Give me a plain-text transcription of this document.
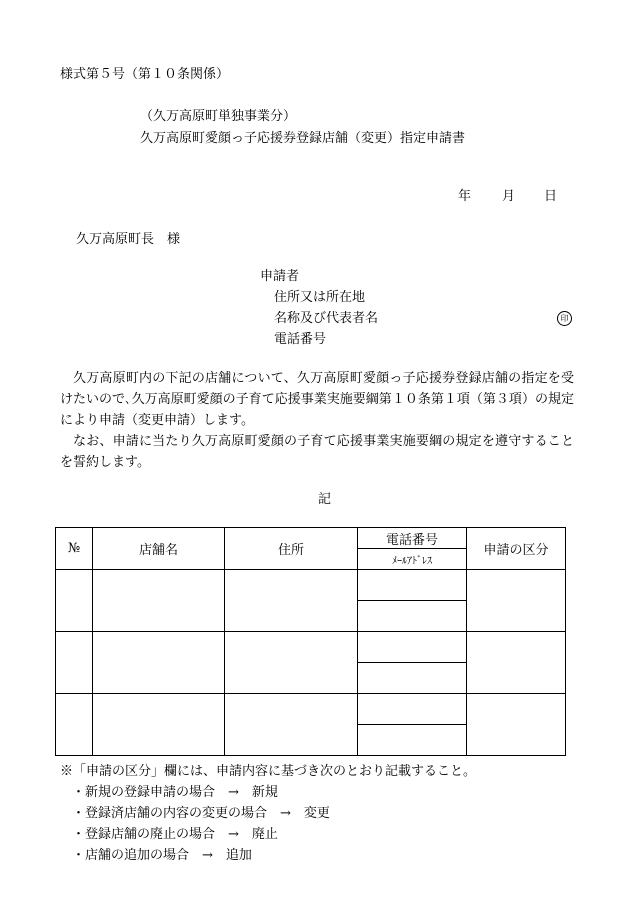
様式第５号（第１０条関係）
（久万高原町単独事業分）
久万高原町愛顔っ子応援券登録店舗（変更）指定申請書
年 月 日
久万高原町長　様
申請者
住所又は所在地
名称及び代表者名	印
電話番号
久万高原町内の下記の店舗について、久万高原町愛顔っ子応援券登録店舗の指定を受けたいので､久万高原町愛顔の子育て応援事業実施要綱第１０条第１項（第３項）の規定により申請（変更申請）します。
なお、申請に当たり久万高原町愛顔の子育て応援事業実施要綱の規定を遵守することを誓約します。
記
№	店舗名	住所	電話番号	申請の区分
			ﾒｰﾙｱﾄﾞﾚｽ	

※「申請の区分」欄には、申請内容に基づき次のとおり記載すること。
・新規の登録申請の場合　→　新規
・登録済店舗の内容の変更の場合　→　変更
・登録店舗の廃止の場合　→　廃止
・店舗の追加の場合　→　追加
